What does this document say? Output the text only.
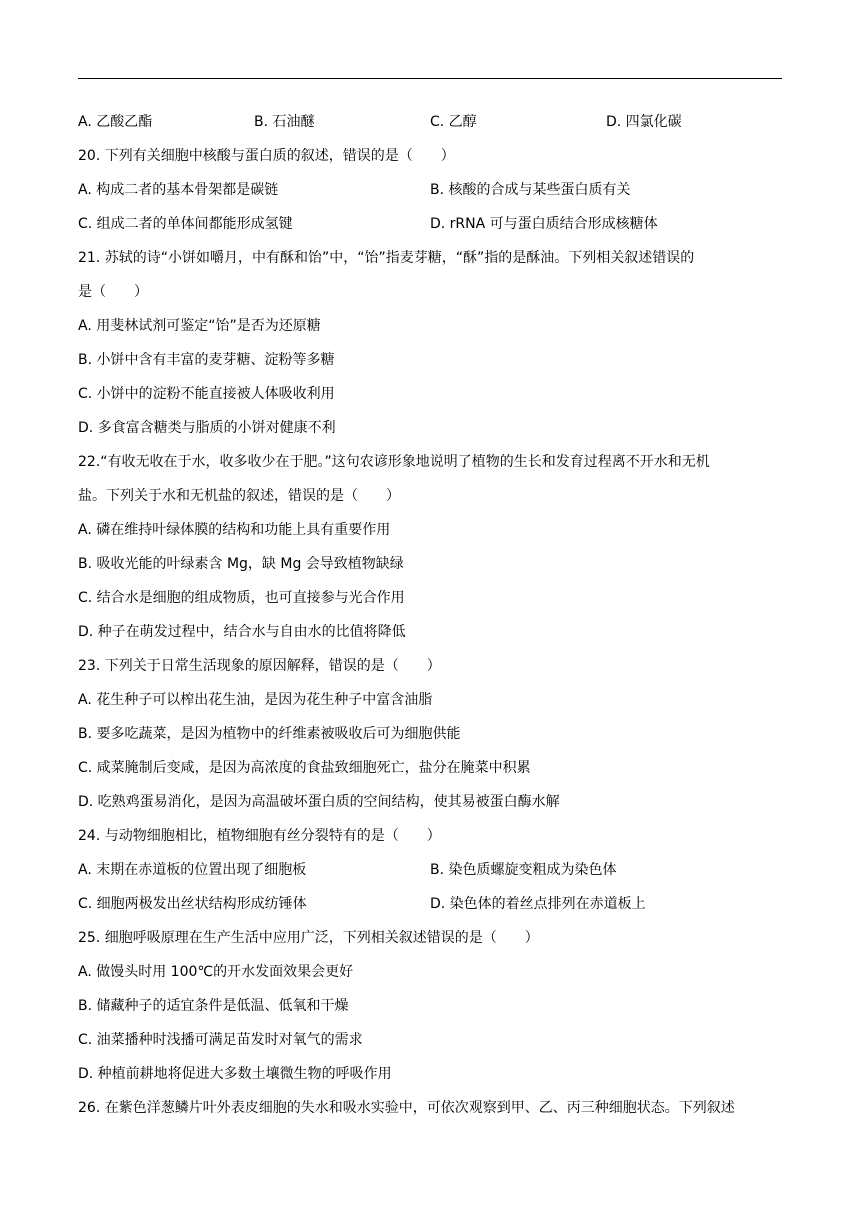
A. 乙酸乙酯	B. 石油醚	C. 乙醇	D. 四氯化碳
20. 下列有关细胞中核酸与蛋白质的叙述，错误的是（　　）
A. 构成二者的基本骨架都是碳链	B. 核酸的合成与某些蛋白质有关
C. 组成二者的单体间都能形成氢键	D. rRNA 可与蛋白质结合形成核糖体
21. 苏轼的诗“小饼如嚼月，中有酥和饴”中，“饴”指麦芽糖，“酥”指的是酥油。下列相关叙述错误的
是（　　）
A. 用斐林试剂可鉴定“饴”是否为还原糖
B. 小饼中含有丰富的麦芽糖、淀粉等多糖
C. 小饼中的淀粉不能直接被人体吸收利用
D. 多食富含糖类与脂质的小饼对健康不利
22.“有收无收在于水，收多收少在于肥。”这句农谚形象地说明了植物的生长和发育过程离不开水和无机
盐。下列关于水和无机盐的叙述，错误的是（　　）
A. 磷在维持叶绿体膜的结构和功能上具有重要作用
B. 吸收光能的叶绿素含 Mg，缺 Mg 会导致植物缺绿
C. 结合水是细胞的组成物质，也可直接参与光合作用
D. 种子在萌发过程中，结合水与自由水的比值将降低
23. 下列关于日常生活现象的原因解释，错误的是（　　）
A. 花生种子可以榨出花生油，是因为花生种子中富含油脂
B. 要多吃蔬菜，是因为植物中的纤维素被吸收后可为细胞供能
C. 咸菜腌制后变咸，是因为高浓度的食盐致细胞死亡，盐分在腌菜中积累
D. 吃熟鸡蛋易消化，是因为高温破坏蛋白质的空间结构，使其易被蛋白酶水解
24. 与动物细胞相比，植物细胞有丝分裂特有的是（　　）
A. 末期在赤道板的位置出现了细胞板	B. 染色质螺旋变粗成为染色体
C. 细胞两极发出丝状结构形成纺锤体	D. 染色体的着丝点排列在赤道板上
25. 细胞呼吸原理在生产生活中应用广泛，下列相关叙述错误的是（　　）
A. 做馒头时用 100℃的开水发面效果会更好
B. 储藏种子的适宜条件是低温、低氧和干燥
C. 油菜播种时浅播可满足苗发时对氧气的需求
D. 种植前耕地将促进大多数土壤微生物的呼吸作用
26. 在紫色洋葱鳞片叶外表皮细胞的失水和吸水实验中，可依次观察到甲、乙、丙三种细胞状态。下列叙述
